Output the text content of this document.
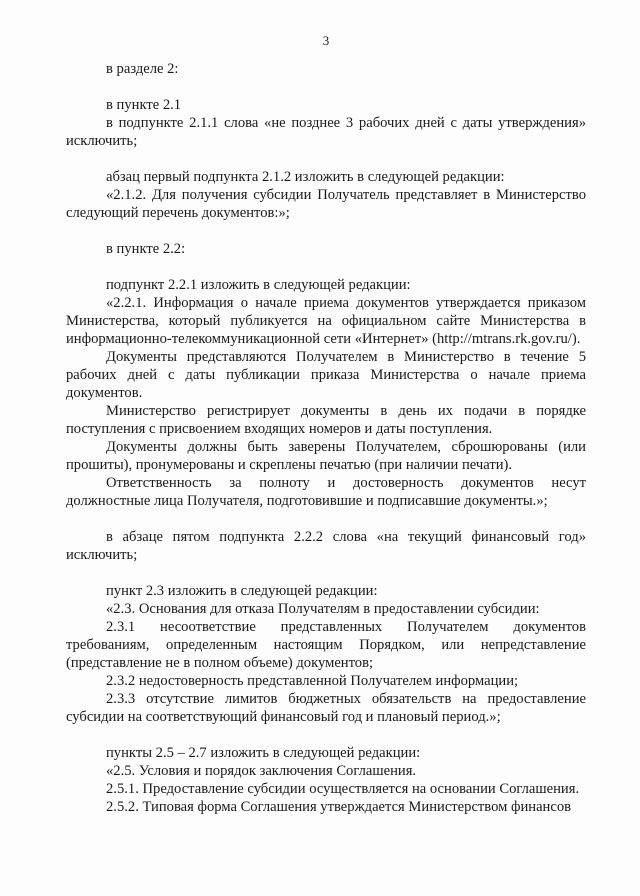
3

в разделе 2:

в пункте 2.1

в подпункте 2.1.1 слова «не позднее 3 рабочих дней с даты утверждения» исключить;

абзац первый подпункта 2.1.2 изложить в следующей редакции:

«2.1.2. Для получения субсидии Получатель представляет в Министерство следующий перечень документов:»;

в пункте 2.2:

подпункт 2.2.1 изложить в следующей редакции:

«2.2.1. Информация о начале приема документов утверждается приказом Министерства, который публикуется на официальном сайте Министерства в информационно-телекоммуникационной сети «Интернет» (http://mtrans.rk.gov.ru/).

Документы представляются Получателем в Министерство в течение 5 рабочих дней с даты публикации приказа Министерства о начале приема документов.

Министерство регистрирует документы в день их подачи в порядке поступления с присвоением входящих номеров и даты поступления.

Документы должны быть заверены Получателем, сброшюрованы (или прошиты), пронумерованы и скреплены печатью (при наличии печати).

Ответственность за полноту и достоверность документов несут должностные лица Получателя, подготовившие и подписавшие документы.»;

в абзаце пятом подпункта 2.2.2 слова «на текущий финансовый год» исключить;

пункт 2.3 изложить в следующей редакции:

«2.3. Основания для отказа Получателям в предоставлении субсидии:

2.3.1 несоответствие представленных Получателем документов требованиям, определенным настоящим Порядком, или непредставление (представление не в полном объеме) документов;

2.3.2 недостоверность представленной Получателем информации;

2.3.3 отсутствие лимитов бюджетных обязательств на предоставление субсидии на соответствующий финансовый год и плановый период.»;

пункты 2.5 – 2.7 изложить в следующей редакции:

«2.5. Условия и порядок заключения Соглашения.

2.5.1. Предоставление субсидии осуществляется на основании Соглашения.

2.5.2. Типовая форма Соглашения утверждается Министерством финансов
